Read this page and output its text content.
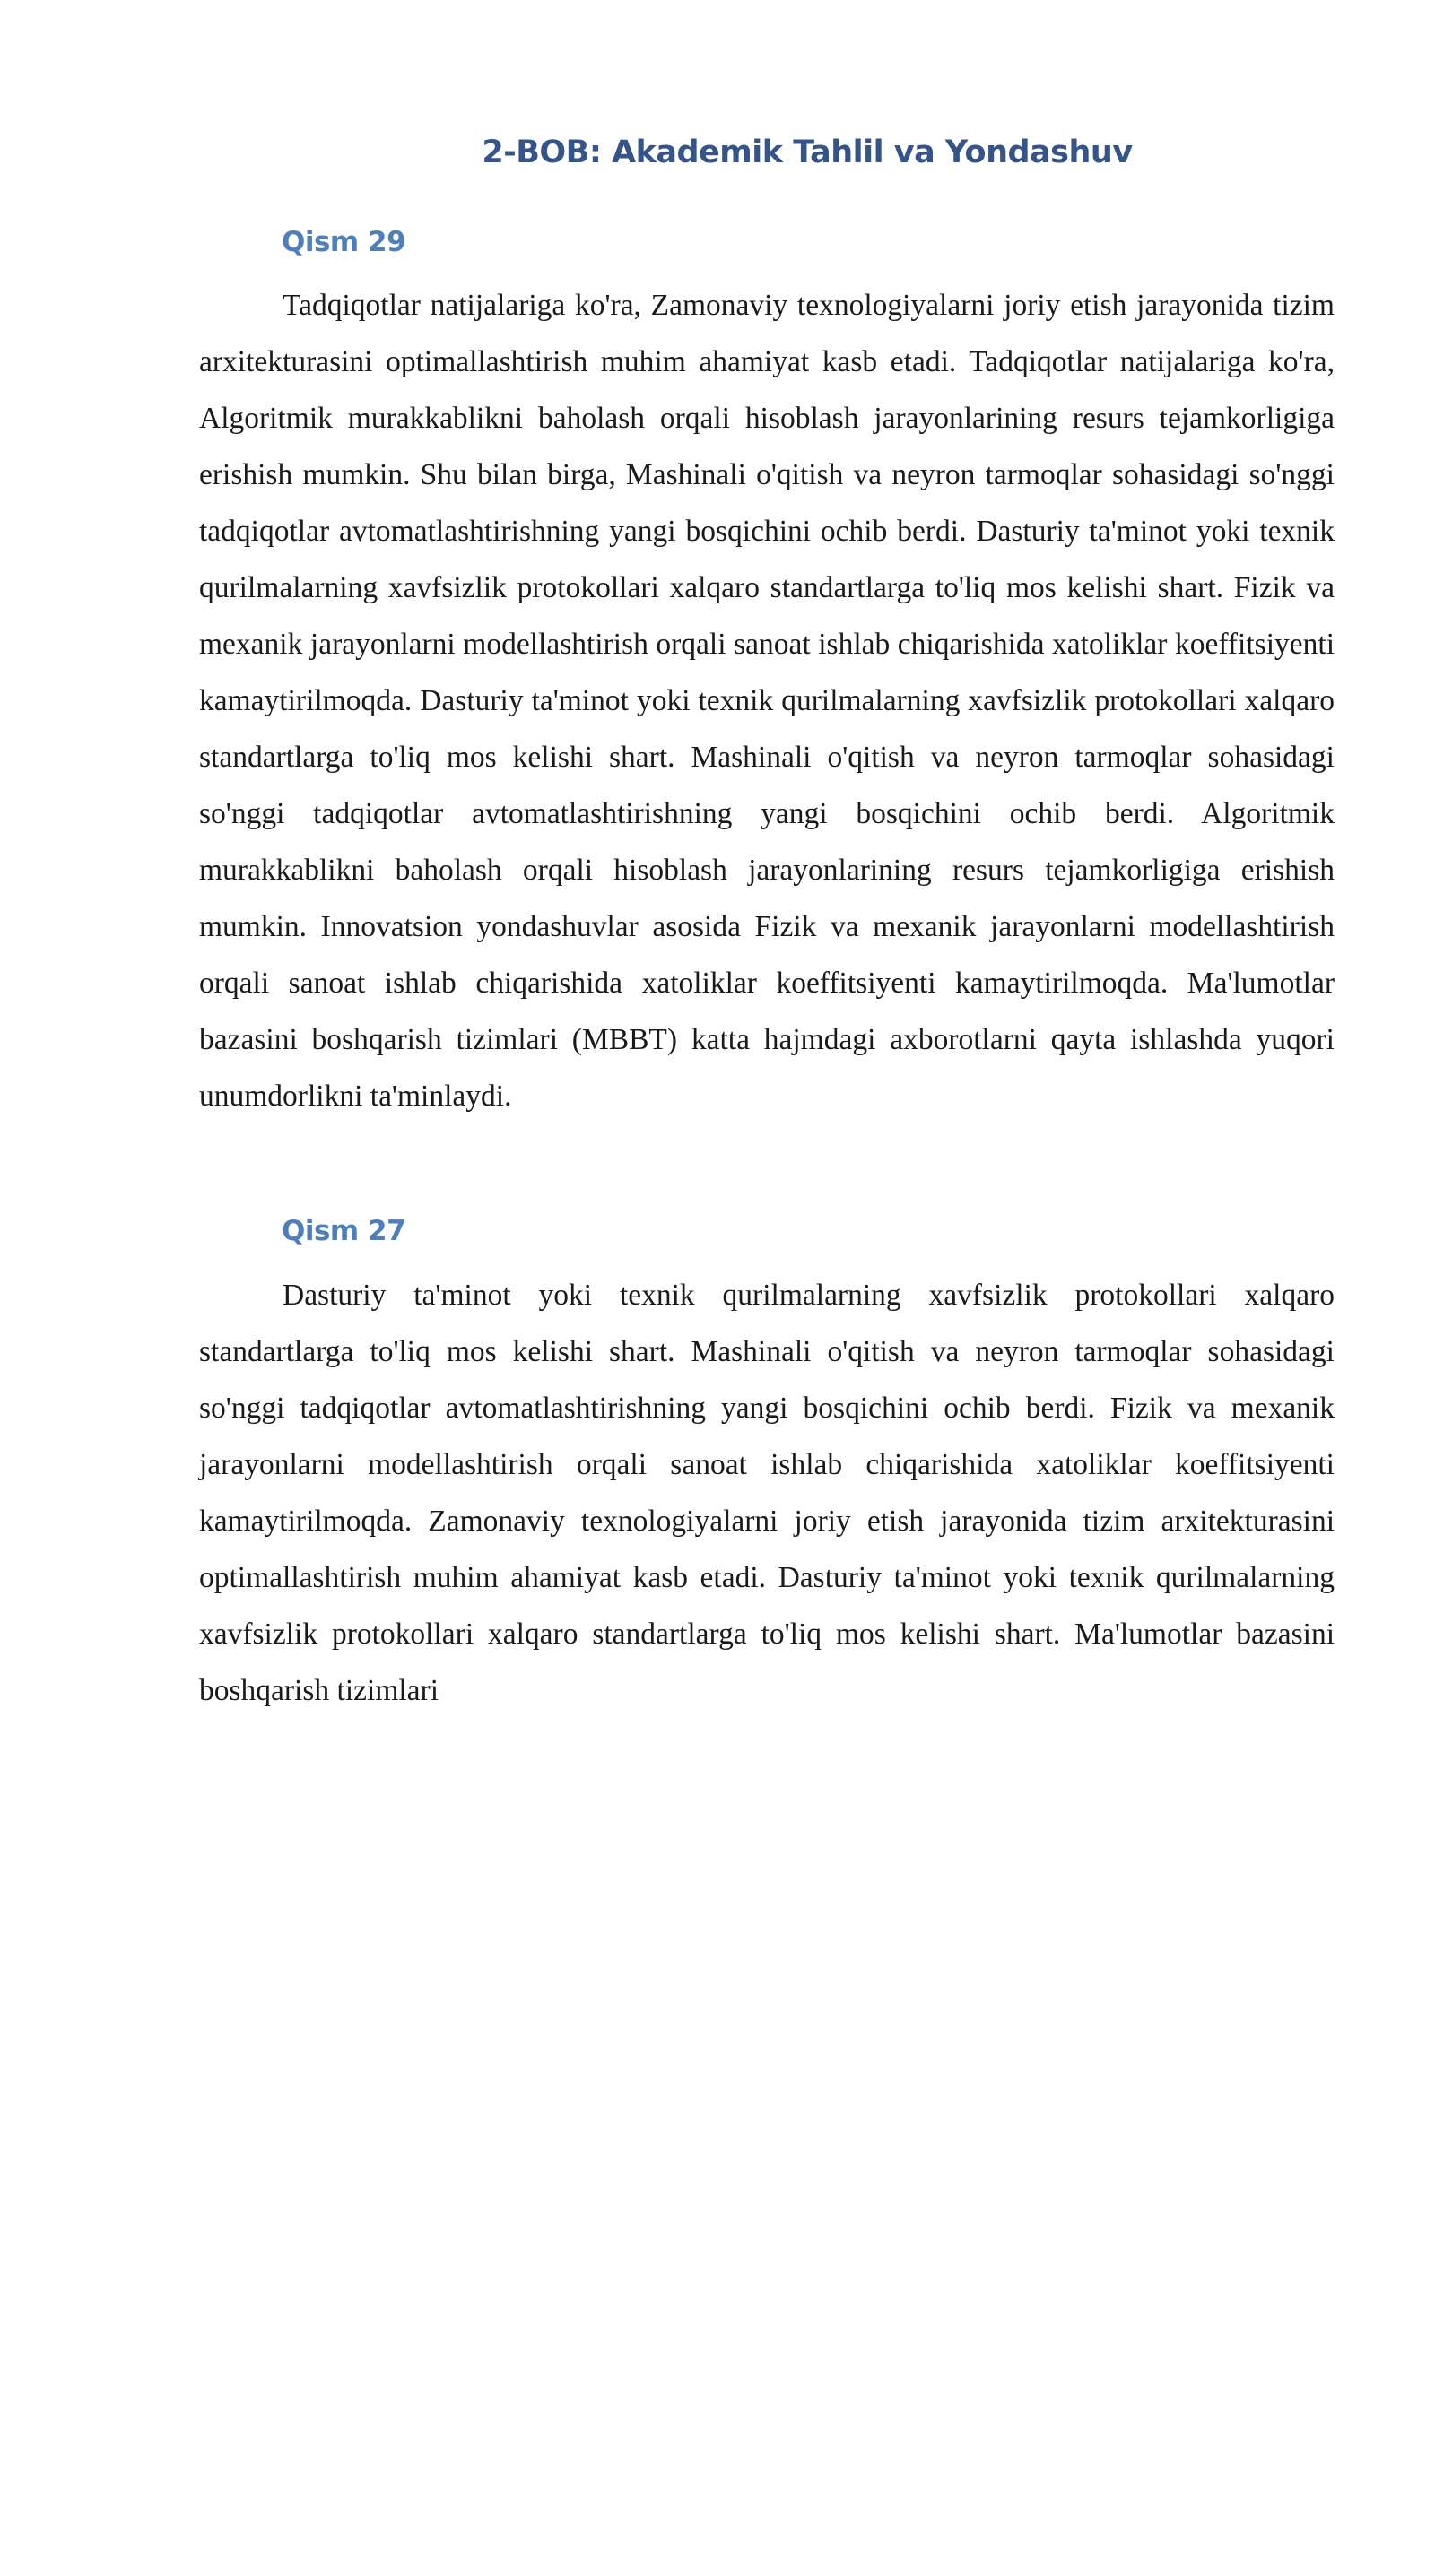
2-BOB: Akademik Tahlil va Yondashuv
Qism 29

Tadqiqotlar natijalariga ko'ra, Zamonaviy texnologiyalarni joriy etish jarayonida tizim arxitekturasini optimallashtirish muhim ahamiyat kasb etadi. Tadqiqotlar natijalariga ko'ra, Algoritmik murakkablikni baholash orqali hisoblash jarayonlarining resurs tejamkorligiga erishish mumkin. Shu bilan birga, Mashinali o'qitish va neyron tarmoqlar sohasidagi so'nggi tadqiqotlar avtomatlashtirishning yangi bosqichini ochib berdi. Dasturiy ta'minot yoki texnik qurilmalarning xavfsizlik protokollari xalqaro standartlarga to'liq mos kelishi shart. Fizik va mexanik jarayonlarni modellashtirish orqali sanoat ishlab chiqarishida xatoliklar koeffitsiyenti kamaytirilmoqda. Dasturiy ta'minot yoki texnik qurilmalarning xavfsizlik protokollari xalqaro standartlarga to'liq mos kelishi shart. Mashinali o'qitish va neyron tarmoqlar sohasidagi so'nggi tadqiqotlar avtomatlashtirishning yangi bosqichini ochib berdi. Algoritmik murakkablikni baholash orqali hisoblash jarayonlarining resurs tejamkorligiga erishish mumkin. Innovatsion yondashuvlar asosida Fizik va mexanik jarayonlarni modellashtirish orqali sanoat ishlab chiqarishida xatoliklar koeffitsiyenti kamaytirilmoqda. Ma'lumotlar bazasini boshqarish tizimlari (MBBT) katta hajmdagi axborotlarni qayta ishlashda yuqori unumdorlikni ta'minlaydi.

Qism 27

Dasturiy ta'minot yoki texnik qurilmalarning xavfsizlik protokollari xalqaro standartlarga to'liq mos kelishi shart. Mashinali o'qitish va neyron tarmoqlar sohasidagi so'nggi tadqiqotlar avtomatlashtirishning yangi bosqichini ochib berdi. Fizik va mexanik jarayonlarni modellashtirish orqali sanoat ishlab chiqarishida xatoliklar koeffitsiyenti kamaytirilmoqda. Zamonaviy texnologiyalarni joriy etish jarayonida tizim arxitekturasini optimallashtirish muhim ahamiyat kasb etadi. Dasturiy ta'minot yoki texnik qurilmalarning xavfsizlik protokollari xalqaro standartlarga to'liq mos kelishi shart. Ma'lumotlar bazasini boshqarish tizimlari
